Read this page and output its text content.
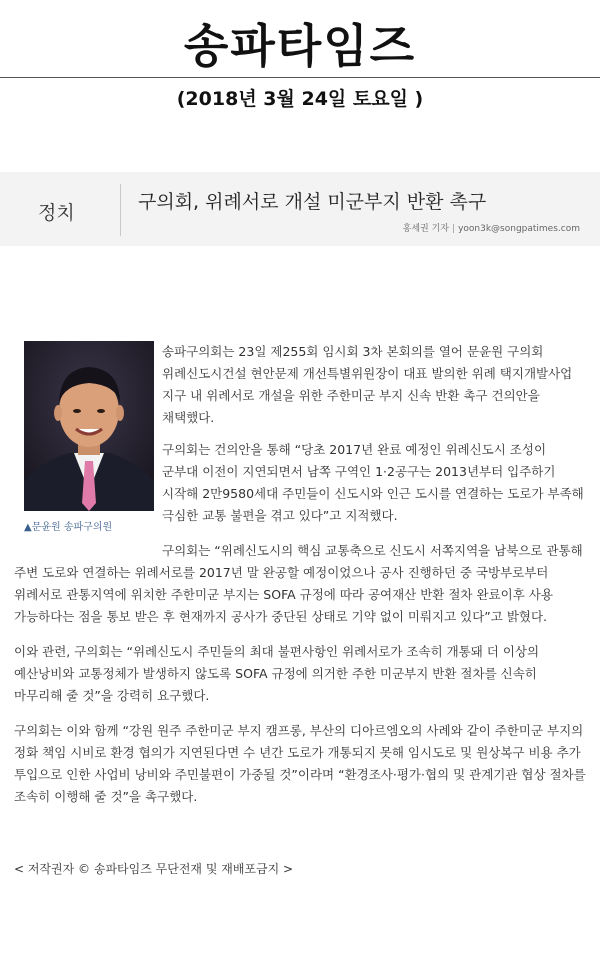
송파타임즈
(2018년 3월 24일 토요일 )
정치	구의회, 위례서로 개설 미군부지 반환 촉구
홍세권 기자 | yoon3k@songpatimes.com
▲문윤원 송파구의원

송파구의회는 23일 제255회 임시회 3차 본회의를 열어 문윤원 구의회 위례신도시건설 현안문제 개선특별위원장이 대표 발의한 위례 택지개발사업 지구 내 위례서로 개설을 위한 주한미군 부지 신속 반환 촉구 건의안을 채택했다.

구의회는 건의안을 통해 “당초 2017년 완료 예정인 위례신도시 조성이 군부대 이전이 지연되면서 남쪽 구역인 1·2공구는 2013년부터 입주하기 시작해 2만9580세대 주민들이 신도시와 인근 도시를 연결하는 도로가 부족해 극심한 교통 불편을 겪고 있다”고 지적했다.

구의회는 “위례신도시의 핵심 교통축으로 신도시 서쪽지역을 남북으로 관통해 주변 도로와 연결하는 위례서로를 2017년 말 완공할 예정이었으나 공사 진행하던 중 국방부로부터 위례서로 관통지역에 위치한 주한미군 부지는 SOFA 규정에 따라 공여재산 반환 절차 완료이후 사용 가능하다는 점을 통보 받은 후 현재까지 공사가 중단된 상태로 기약 없이 미뤄지고 있다”고 밝혔다.

이와 관련, 구의회는 “위례신도시 주민들의 최대 불편사항인 위례서로가 조속히 개통돼 더 이상의 예산낭비와 교통정체가 발생하지 않도록 SOFA 규정에 의거한 주한 미군부지 반환 절차를 신속히 마무리해 줄 것”을 강력히 요구했다.

구의회는 이와 함께 “강원 원주 주한미군 부지 캠프롱, 부산의 디아르엠오의 사례와 같이 주한미군 부지의 정화 책임 시비로 환경 협의가 지연된다면 수 년간 도로가 개통되지 못해 임시도로 및 원상복구 비용 추가 투입으로 인한 사업비 낭비와 주민불편이 가중될 것”이라며 “환경조사·평가·협의 및 관계기관 협상 절차를 조속히 이행해 줄 것”을 촉구했다.

< 저작권자 © 송파타임즈 무단전재 및 재배포금지 >
